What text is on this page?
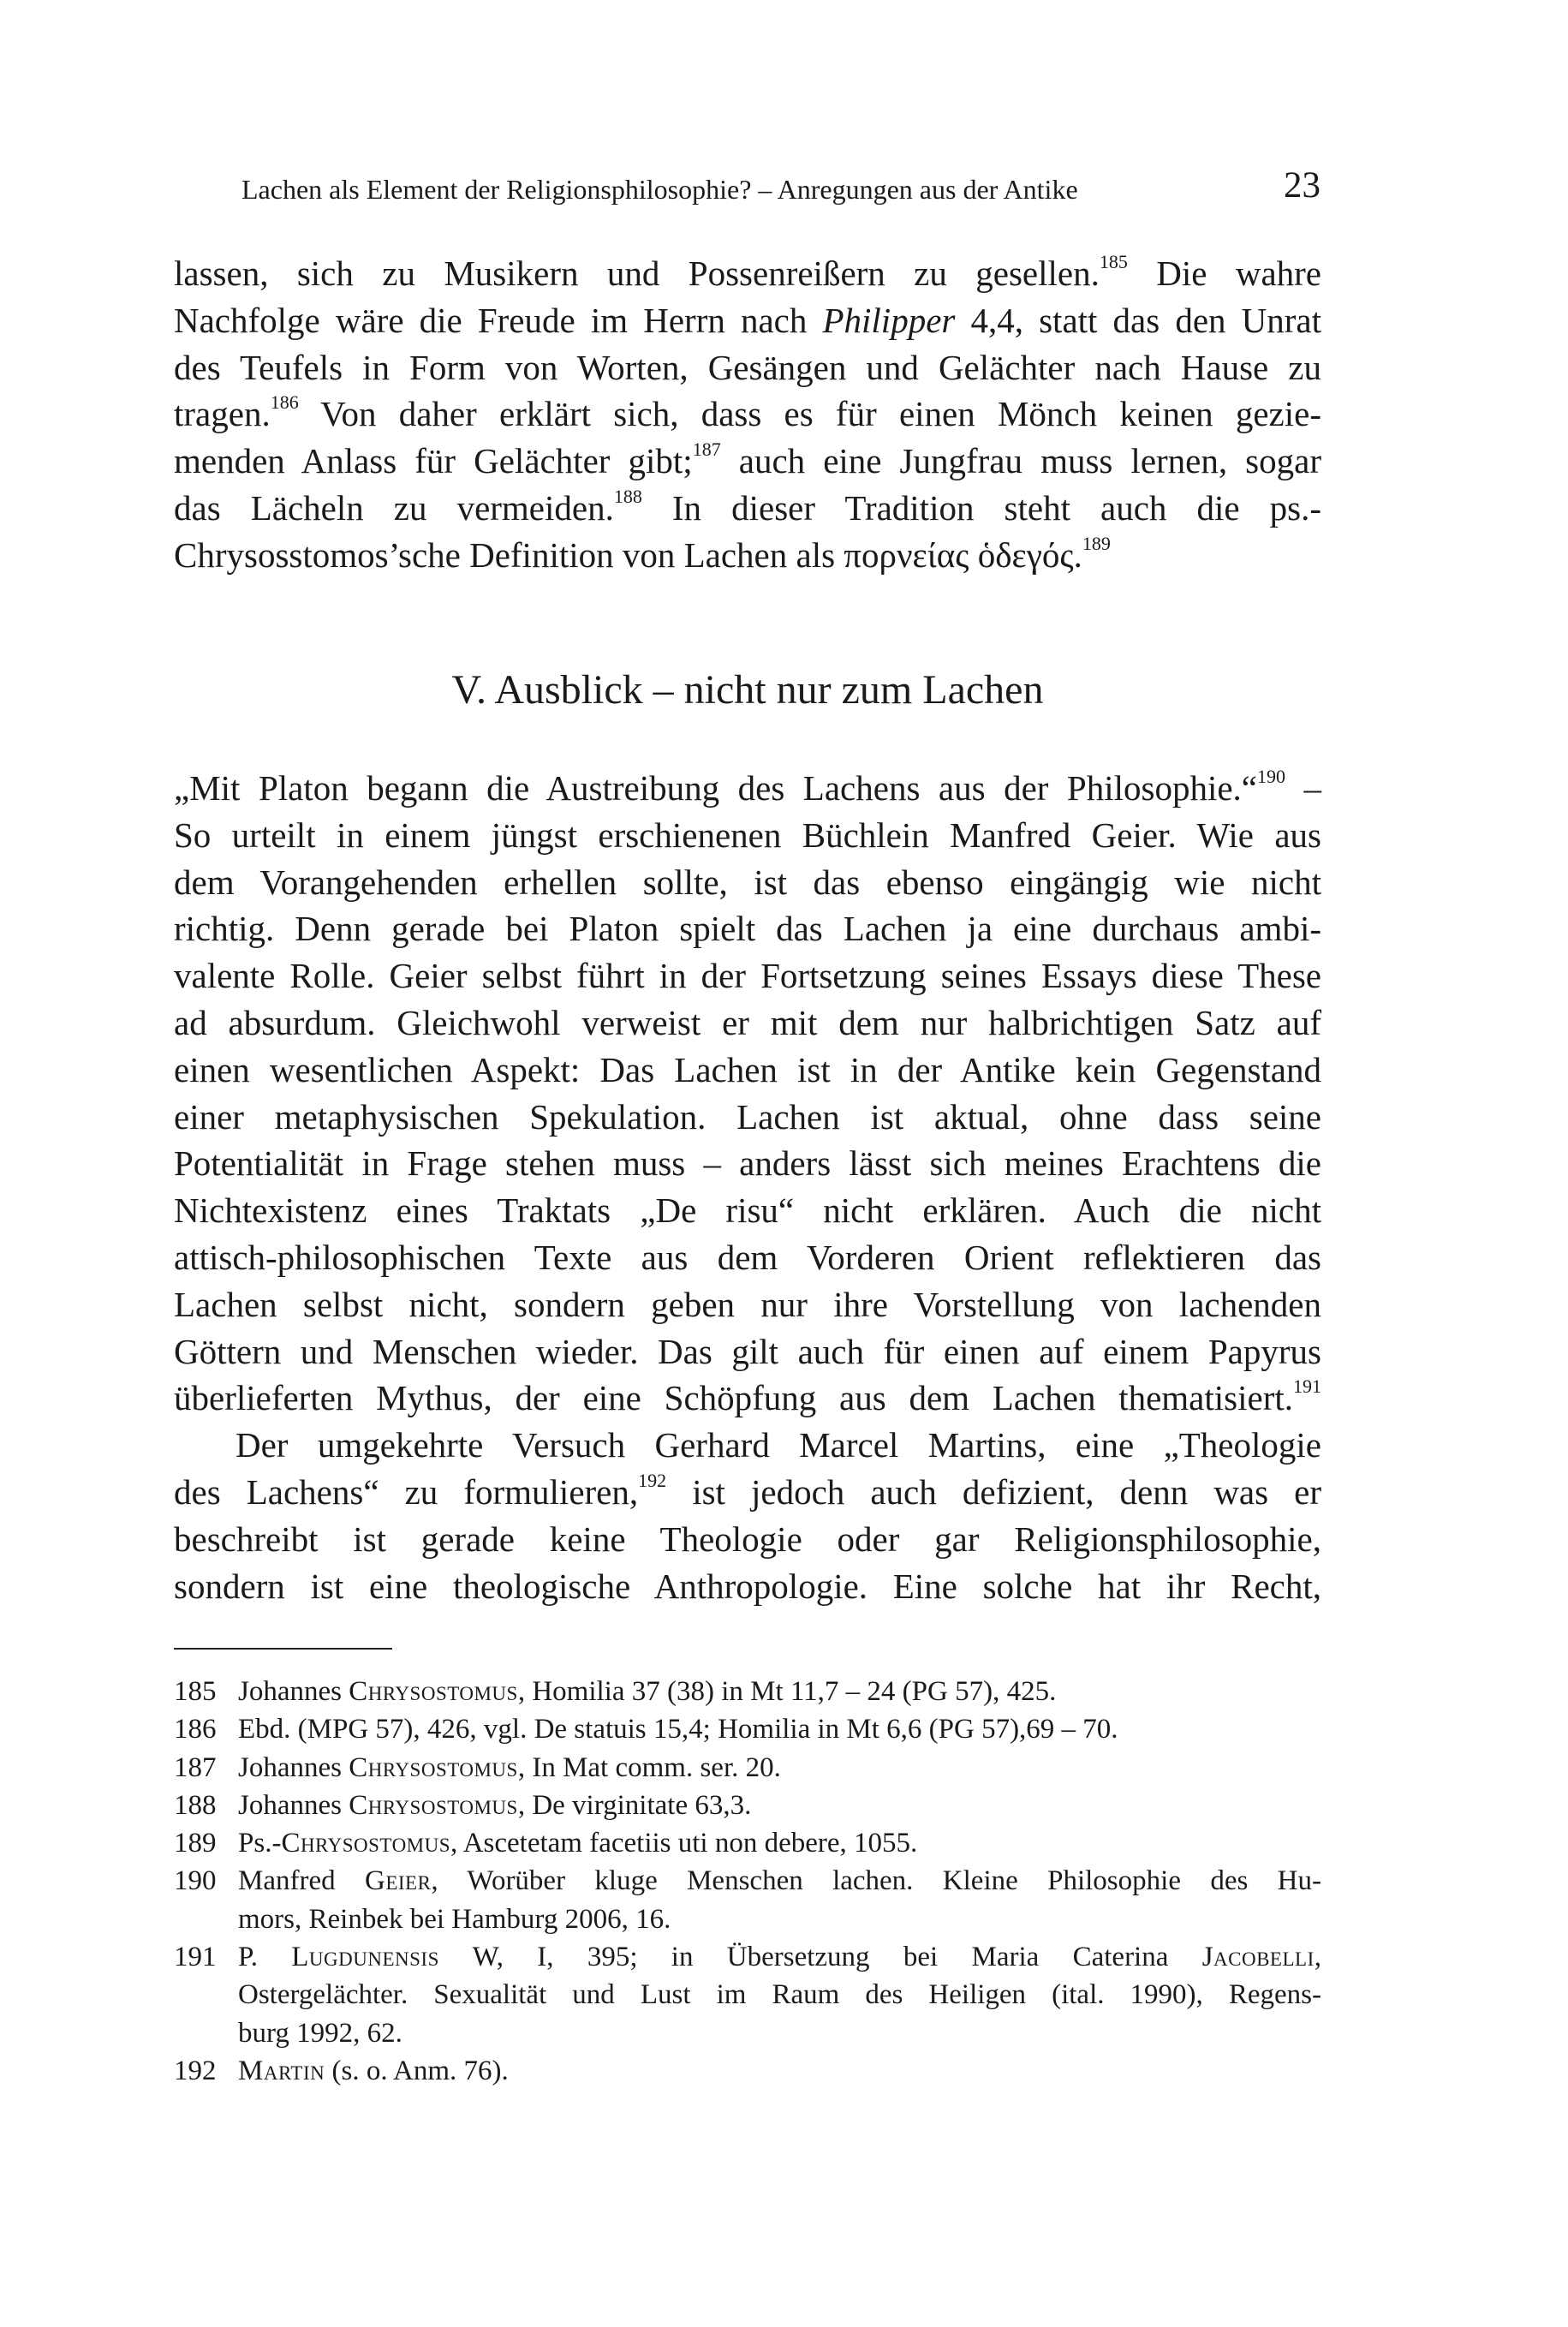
Lachen als Element der Religionsphilosophie? – Anregungen aus der Antike	23
lassen, sich zu Musikern und Possenreißern zu gesellen.$^{185}$ Die wahre
Nachfolge wäre die Freude im Herrn nach Philipper 4,4, statt das den Unrat
des Teufels in Form von Worten, Gesängen und Gelächter nach Hause zu
tragen.$^{186}$ Von daher erklärt sich, dass es für einen Mönch keinen gezie-
menden Anlass für Gelächter gibt;$^{187}$ auch eine Jungfrau muss lernen, sogar
das Lächeln zu vermeiden.$^{188}$ In dieser Tradition steht auch die ps.-
Chrysosstomos’sche Definition von Lachen als πορνείας ὁδεγός.$^{189}$
V. Ausblick – nicht nur zum Lachen
„Mit Platon begann die Austreibung des Lachens aus der Philosophie.“$^{190}$ –
So urteilt in einem jüngst erschienenen Büchlein Manfred Geier. Wie aus
dem Vorangehenden erhellen sollte, ist das ebenso eingängig wie nicht
richtig. Denn gerade bei Platon spielt das Lachen ja eine durchaus ambi-
valente Rolle. Geier selbst führt in der Fortsetzung seines Essays diese These
ad absurdum. Gleichwohl verweist er mit dem nur halbrichtigen Satz auf
einen wesentlichen Aspekt: Das Lachen ist in der Antike kein Gegenstand
einer metaphysischen Spekulation. Lachen ist aktual, ohne dass seine
Potentialität in Frage stehen muss – anders lässt sich meines Erachtens die
Nichtexistenz eines Traktats „De risu“ nicht erklären. Auch die nicht
attisch-philosophischen Texte aus dem Vorderen Orient reflektieren das
Lachen selbst nicht, sondern geben nur ihre Vorstellung von lachenden
Göttern und Menschen wieder. Das gilt auch für einen auf einem Papyrus
überlieferten Mythus, der eine Schöpfung aus dem Lachen thematisiert.$^{191}$
Der umgekehrte Versuch Gerhard Marcel Martins, eine „Theologie
des Lachens“ zu formulieren,$^{192}$ ist jedoch auch defizient, denn was er
beschreibt ist gerade keine Theologie oder gar Religionsphilosophie,
sondern ist eine theologische Anthropologie. Eine solche hat ihr Recht,
185 Johannes Chrysostomus, Homilia 37 (38) in Mt 11,7 – 24 (PG 57), 425.
186 Ebd. (MPG 57), 426, vgl. De statuis 15,4; Homilia in Mt 6,6 (PG 57),69 – 70.
187 Johannes Chrysostomus, In Mat comm. ser. 20.
188 Johannes Chrysostomus, De virginitate 63,3.
189 Ps.-Chrysostomus, Ascetetam facetiis uti non debere, 1055.
190 Manfred Geier, Worüber kluge Menschen lachen. Kleine Philosophie des Hu-
mors, Reinbek bei Hamburg 2006, 16.
191 P. Lugdunensis W, I, 395; in Übersetzung bei Maria Caterina Jacobelli,
Ostergelächter. Sexualität und Lust im Raum des Heiligen (ital. 1990), Regens-
burg 1992, 62.
192 Martin (s. o. Anm. 76).
